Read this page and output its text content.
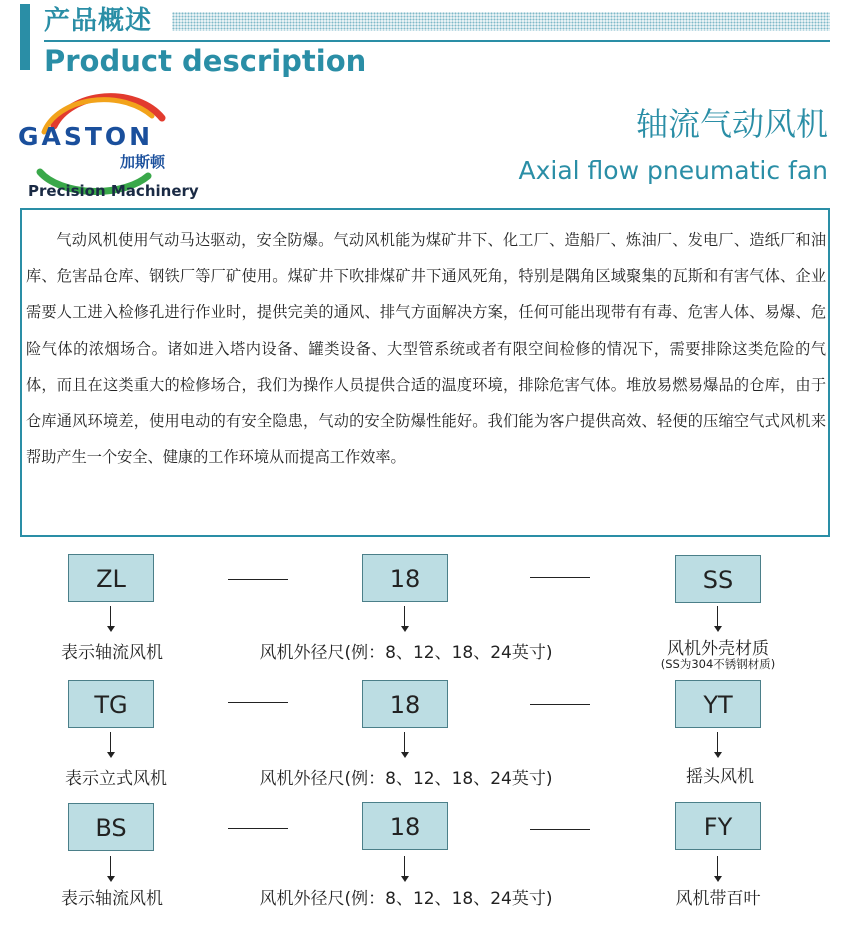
产品概述
Product description
GASTON
加斯顿
Precision Machinery
轴流气动风机
Axial flow pneumatic fan
气动风机使用气动马达驱动，安全防爆。气动风机能为煤矿井下、化工厂、造船厂、炼油厂、发电厂、造纸厂和油库、危害品仓库、钢铁厂等厂矿使用。煤矿井下吹排煤矿井下通风死角，特别是隅角区域聚集的瓦斯和有害气体、企业需要人工进入检修孔进行作业时，提供完美的通风、排气方面解决方案，任何可能出现带有有毒、危害人体、易爆、危险气体的浓烟场合。诸如进入塔内设备、罐类设备、大型管系统或者有限空间检修的情况下，需要排除这类危险的气体，而且在这类重大的检修场合，我们为操作人员提供合适的温度环境，排除危害气体。堆放易燃易爆品的仓库，由于仓库通风环境差，使用电动的有安全隐患，气动的安全防爆性能好。我们能为客户提供高效、轻便的压缩空气式风机来帮助产生一个安全、健康的工作环境从而提高工作效率。
ZL	18	SS
表示轴流风机	风机外径尺(例：8、12、18、24英寸)	风机外壳材质
(SS为304不锈钢材质)
TG	18	YT
表示立式风机	风机外径尺(例：8、12、18、24英寸)	摇头风机
BS	18	FY
表示轴流风机	风机外径尺(例：8、12、18、24英寸)	风机带百叶
